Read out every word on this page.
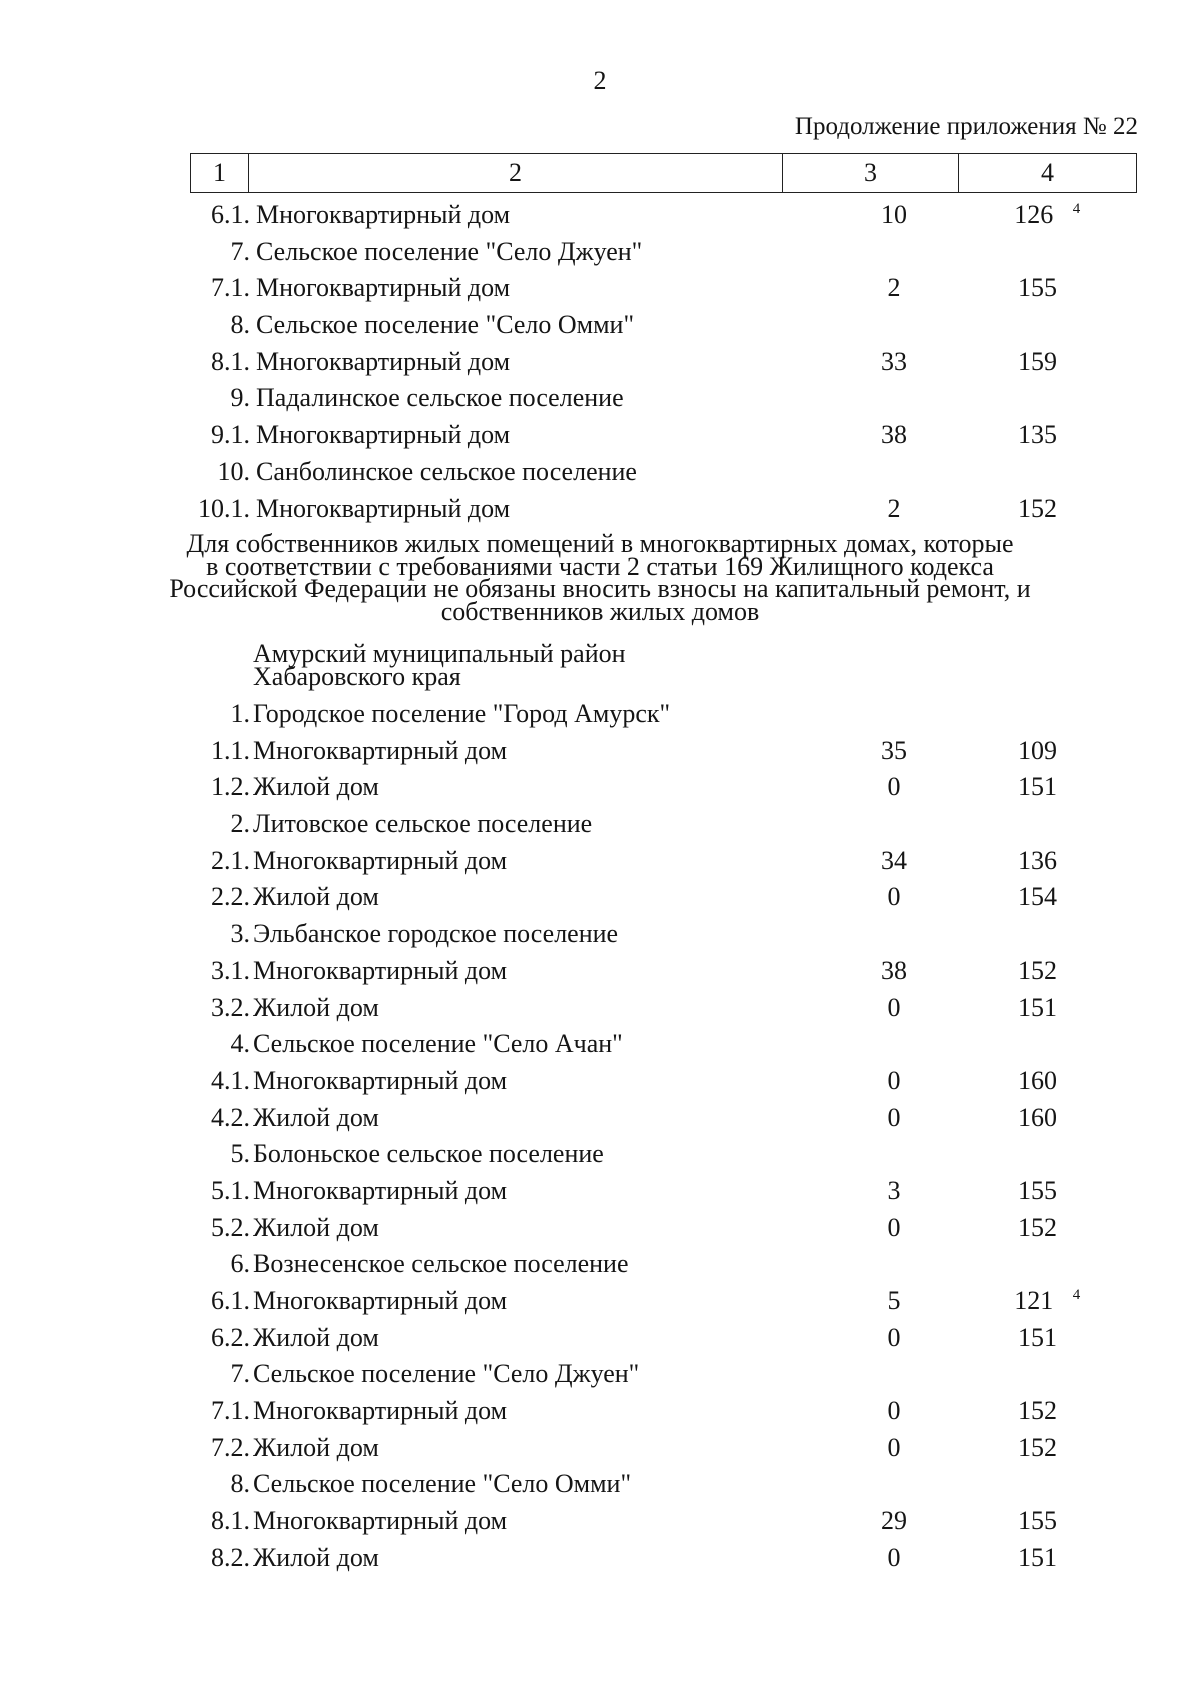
2
Продолжение приложения № 22
1	2	3	4
6.1. Многоквартирный дом	10	126 $^4$
7. Сельское поселение "Село Джуен"
7.1. Многоквартирный дом	2	155
8. Сельское поселение "Село Омми"
8.1. Многоквартирный дом	33	159
9. Падалинское сельское поселение
9.1. Многоквартирный дом	38	135
10. Санболинское сельское поселение
10.1. Многоквартирный дом	2	152
Для собственников жилых помещений в многоквартирных домах, которые
в соответствии с требованиями части 2 статьи 169 Жилищного кодекса
Российской Федерации не обязаны вносить взносы на капитальный ремонт, и
собственников жилых домов
Амурский муниципальный район
Хабаровского края
1. Городское поселение "Город Амурск"
1.1. Многоквартирный дом	35	109
1.2. Жилой дом	0	151
2. Литовское сельское поселение
2.1. Многоквартирный дом	34	136
2.2. Жилой дом	0	154
3. Эльбанское городское поселение
3.1. Многоквартирный дом	38	152
3.2. Жилой дом	0	151
4. Сельское поселение "Село Ачан"
4.1. Многоквартирный дом	0	160
4.2. Жилой дом	0	160
5. Болоньское сельское поселение
5.1. Многоквартирный дом	3	155
5.2. Жилой дом	0	152
6. Вознесенское сельское поселение
6.1. Многоквартирный дом	5	121 $^4$
6.2. Жилой дом	0	151
7. Сельское поселение "Село Джуен"
7.1. Многоквартирный дом	0	152
7.2. Жилой дом	0	152
8. Сельское поселение "Село Омми"
8.1. Многоквартирный дом	29	155
8.2. Жилой дом	0	151
